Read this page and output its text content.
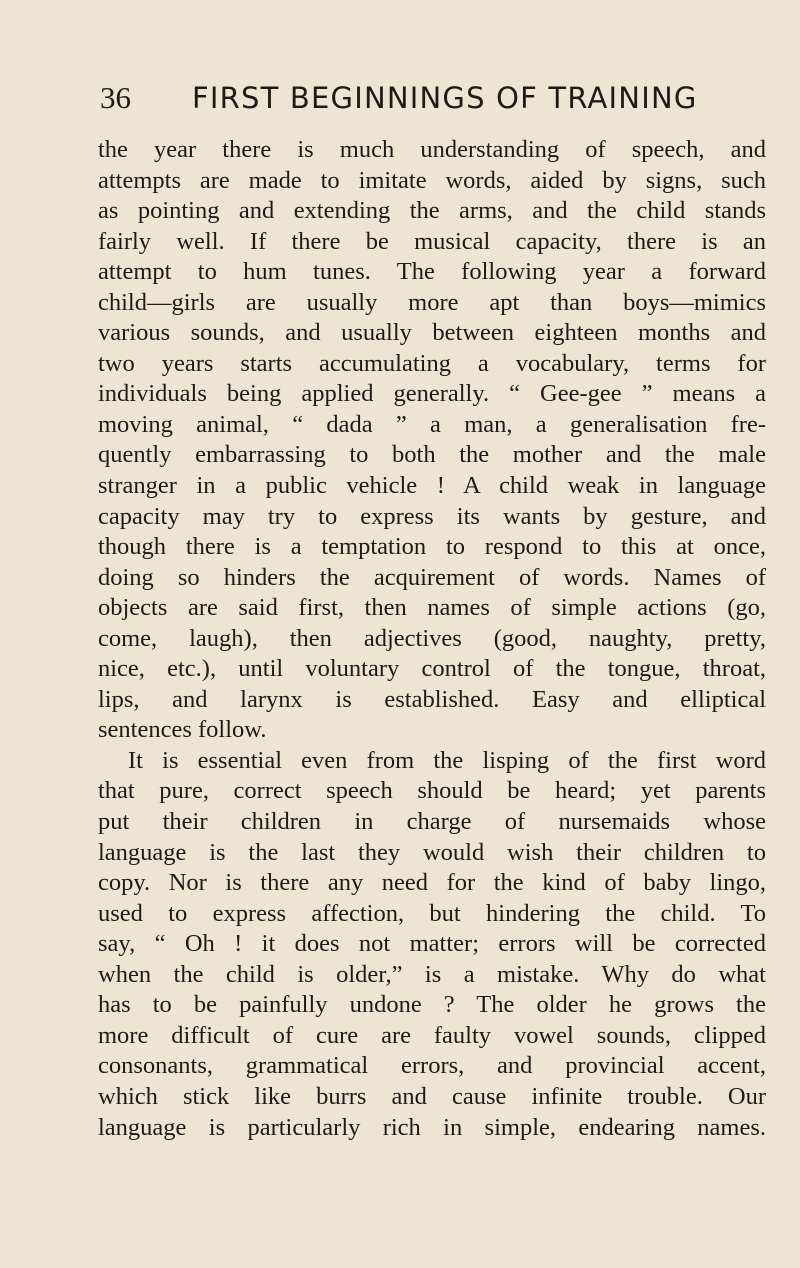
36 FIRST BEGINNINGS OF TRAINING
the year there is much understanding of speech, and
attempts are made to imitate words, aided by signs, such
as pointing and extending the arms, and the child stands
fairly well. If there be musical capacity, there is an
attempt to hum tunes. The following year a forward
child—girls are usually more apt than boys—mimics
various sounds, and usually between eighteen months and
two years starts accumulating a vocabulary, terms for
individuals being applied generally. “ Gee-gee ” means a
moving animal, “ dada ” a man, a generalisation fre-
quently embarrassing to both the mother and the male
stranger in a public vehicle ! A child weak in language
capacity may try to express its wants by gesture, and
though there is a temptation to respond to this at once,
doing so hinders the acquirement of words. Names of
objects are said first, then names of simple actions (go,
come, laugh), then adjectives (good, naughty, pretty,
nice, etc.), until voluntary control of the tongue, throat,
lips, and larynx is established. Easy and elliptical
sentences follow.
It is essential even from the lisping of the first word
that pure, correct speech should be heard; yet parents
put their children in charge of nursemaids whose
language is the last they would wish their children to
copy. Nor is there any need for the kind of baby lingo,
used to express affection, but hindering the child. To
say, “ Oh ! it does not matter; errors will be corrected
when the child is older,” is a mistake. Why do what
has to be painfully undone ? The older he grows the
more difficult of cure are faulty vowel sounds, clipped
consonants, grammatical errors, and provincial accent,
which stick like burrs and cause infinite trouble. Our
language is particularly rich in simple, endearing names.
